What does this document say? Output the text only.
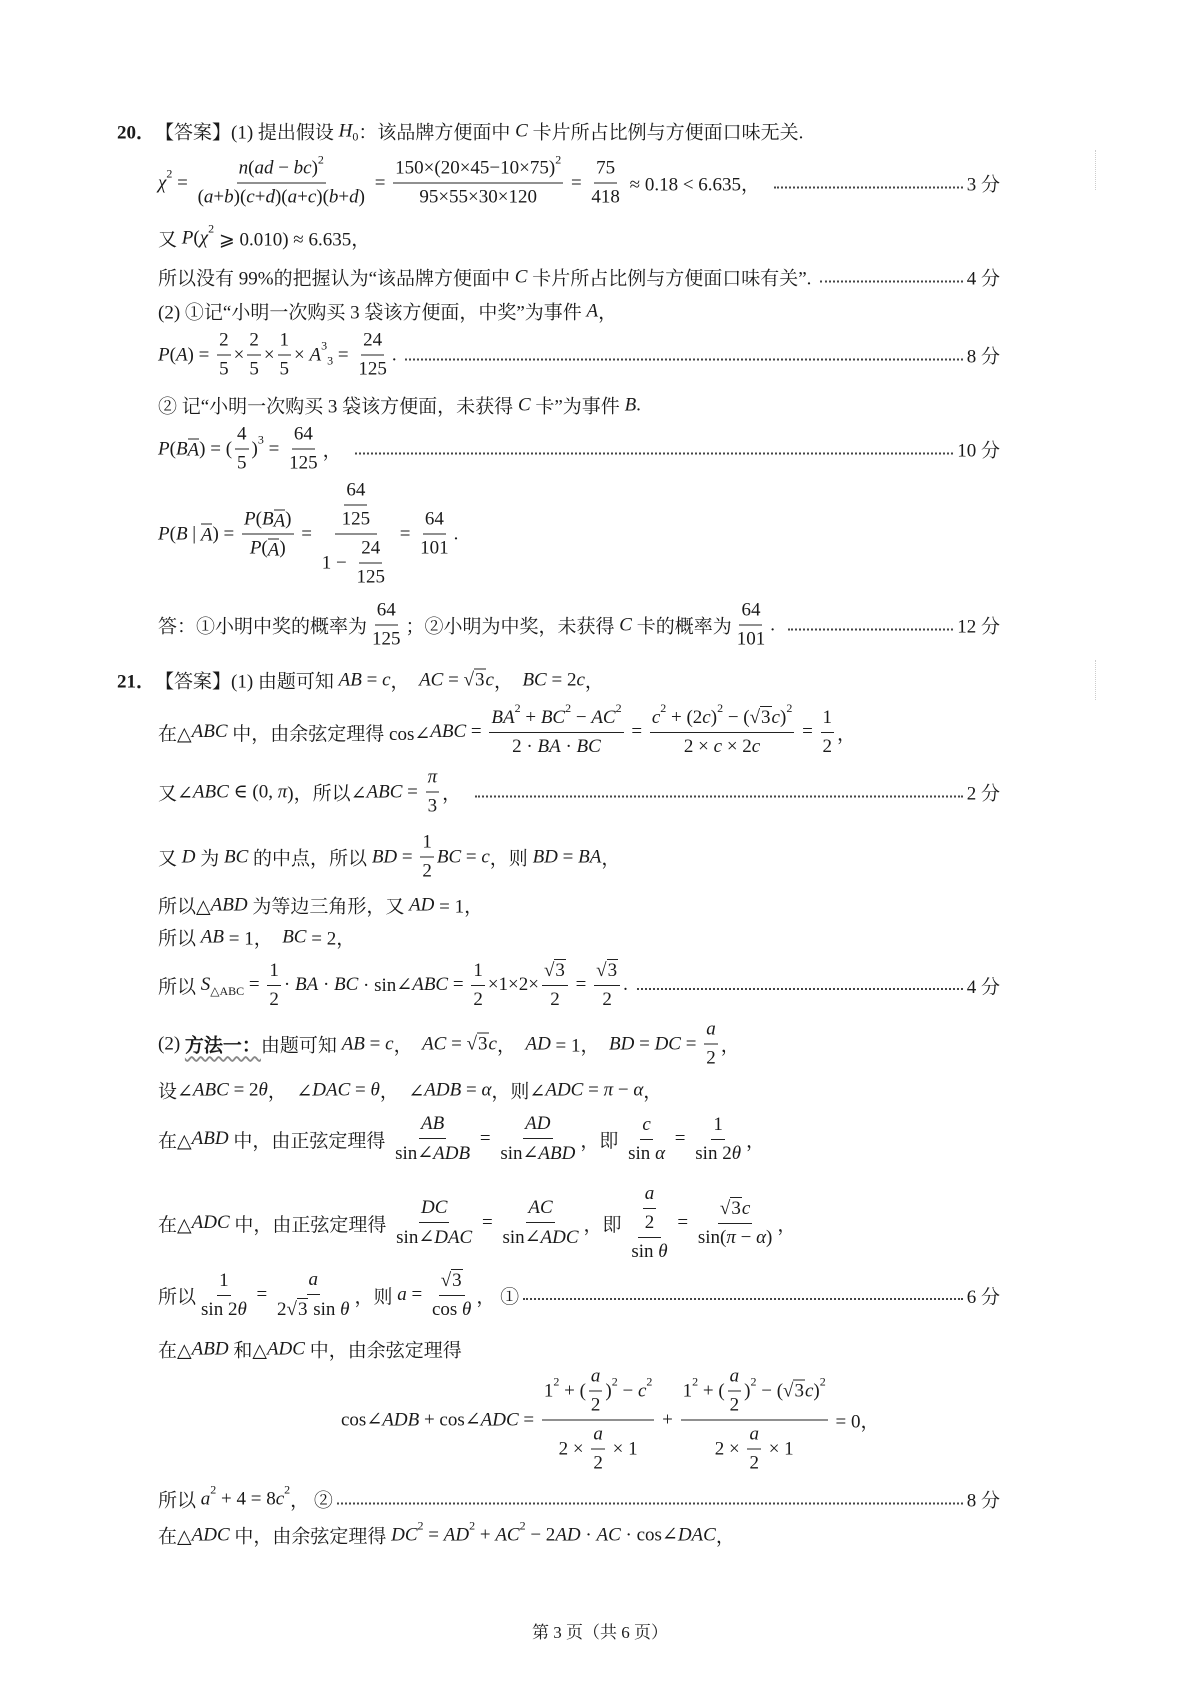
20． 【答案】(1) 提出假设 H 0 ：该品牌方便面中 C 卡片所占比例与方便面口味无关.
χ $2 = \frac{n ( ad - bc ) 2}{( a + b )( c + d )( a + c )( b + d )} = \frac{150\times(20\times 45-10\times 75) 2}{95\times 55\times 30\times 120} = \frac{75}{418} \approx 0.18 < 6.635$，	3 分
又 P ( χ 2
⩾ 0.010) ≈ 6.635，
所以没有 99%的把握认为“该品牌方便面中 C 卡片所占比例与方便面口味有关”.	4 分
(2) ①记“小明一次购买 3 袋该方便面，中奖”为事件 A ，
P ( A ) = $\frac{2}{5} \times \frac{2}{5} \times \frac{1}{5} \times A$ 3
$3 = \frac{24}{125}$ .	8 分
② 记“小明一次购买 3 袋该方便面，未获得 C 卡”为事件 B .
P ( B A ) = ( $\frac{4}{5}$ ) $3 = \frac{64}{125}$ ，	10 分
P ( B | A ) = $\frac{\text{P ( B A )}}{P ( A )} = \frac{\frac{64}{125}}{1 - \frac{24}{125}} = \frac{64}{101}$ .
答：①小明中奖的概率为 $\frac{64}{125}$ ；②小明为中奖，未获得 C 卡的概率为 $\frac{64}{101}$ .	12 分
21． 【答案】(1) 由题可知 AB = c ， AC = √ 3 c ， BC = 2 c ，
在△ ABC 中，由余弦定理得 cos∠ ABC = $\frac{BA 2 + BC 2 - AC 2}{2 \cdot BA \cdot BC} = \frac{c 2 + (2 c ) 2 - ( √ 3 c ) 2}{2 \times c \times 2 c} = \frac{1}{2}$ ，
又∠ ABC ∈ (0, π )，所以∠ ABC = $\frac{\pi}{3}$ ，	2 分
又 D 为 BC 的中点，所以 BD = $\frac{1}{2}$ BC = c ，则 BD = BA ，
所以△ ABD 为等边三角形，又 AD = 1，
所以 AB = 1， BC = 2，
所以 S △ABC = $\frac{1}{2}$ · BA · BC · sin∠ ABC = $\frac{1}{2} \times 1\times 2\times \frac{√ 3}{2} = \frac{√ 3}{2}$ .	4 分
(2) 方法一： 由题可知 AB = c ， AC = √ 3 c ， AD = 1， BD = DC = $\frac{a}{2}$ ，
设∠ ABC = 2 θ ，  ∠ DAC = θ ，  ∠ ADB = α ，则∠ ADC = π − α ，
在△ ABD 中，由正弦定理得 $\frac{AB}{\text{sin∠ ADB}} = \frac{AD}{\text{sin∠ ABD}}$ ，即 $\frac{c}{\text{sin α}} = \frac{1}{\sin 2 \theta}$ ，
在△ ADC 中，由正弦定理得 $\frac{DC}{\text{sin∠ DAC}} = \frac{AC}{\text{sin∠ ADC}}$ ，即 $\frac{\frac{a}{2}}{\text{sin θ}} = \frac{√ 3 c}{\sin( \pi - \alpha )}$ ，
所以 $\frac{1}{\sin 2 \theta} = \frac{a}{\text{2 √ 3 sin θ}}$ ，则 $a = \frac{√ 3}{\text{cos θ}}$ ， ①	6 分
在△ ABD 和△ ADC 中，由余弦定理得
cos∠ ADB + cos∠ ADC = $\frac{1 2 + ( \frac{a}{2} ) 2 - c 2}{2 \times \frac{a}{2} \times 1} + \frac{1 2 + ( \frac{a}{2} ) 2 - ( √ 3 c ) 2}{2 \times \frac{a}{2} \times 1} = 0$，
所以 a 2 + 4 = 8 c 2
， ②	8 分
在△ ADC 中，由余弦定理得 DC 2 = AD 2 + AC 2 − 2 AD · AC · cos∠ DAC ，
第 3 页（共 6 页）
